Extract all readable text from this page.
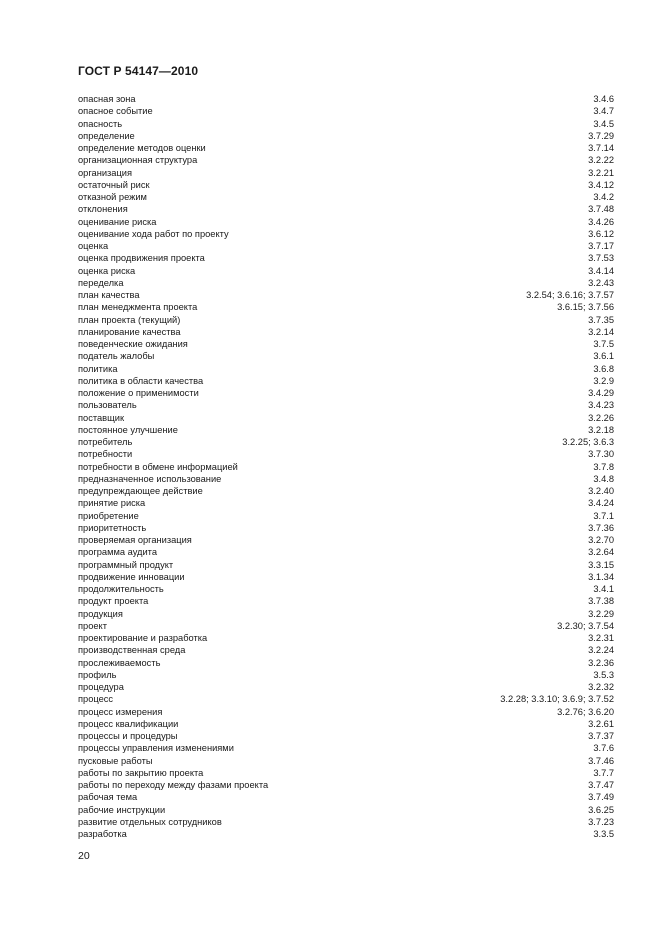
ГОСТ Р 54147—2010
опасная зона	3.4.6
опасное событие	3.4.7
опасность	3.4.5
определение	3.7.29
определение методов оценки	3.7.14
организационная структура	3.2.22
организация	3.2.21
остаточный риск	3.4.12
отказной режим	3.4.2
отклонения	3.7.48
оценивание риска	3.4.26
оценивание хода работ по проекту	3.6.12
оценка	3.7.17
оценка продвижения проекта	3.7.53
оценка риска	3.4.14
переделка	3.2.43
план качества	3.2.54; 3.6.16; 3.7.57
план менеджмента проекта	3.6.15; 3.7.56
план проекта (текущий)	3.7.35
планирование качества	3.2.14
поведенческие ожидания	3.7.5
податель жалобы	3.6.1
политика	3.6.8
политика в области качества	3.2.9
положение о применимости	3.4.29
пользователь	3.4.23
поставщик	3.2.26
постоянное улучшение	3.2.18
потребитель	3.2.25; 3.6.3
потребности	3.7.30
потребности в обмене информацией	3.7.8
предназначенное использование	3.4.8
предупреждающее действие	3.2.40
принятие риска	3.4.24
приобретение	3.7.1
приоритетность	3.7.36
проверяемая организация	3.2.70
программа аудита	3.2.64
программный продукт	3.3.15
продвижение инновации	3.1.34
продолжительность	3.4.1
продукт проекта	3.7.38
продукция	3.2.29
проект	3.2.30; 3.7.54
проектирование и разработка	3.2.31
производственная среда	3.2.24
прослеживаемость	3.2.36
профиль	3.5.3
процедура	3.2.32
процесс	3.2.28; 3.3.10; 3.6.9; 3.7.52
процесс измерения	3.2.76; 3.6.20
процесс квалификации	3.2.61
процессы и процедуры	3.7.37
процессы управления изменениями	3.7.6
пусковые работы	3.7.46
работы по закрытию проекта	3.7.7
работы по переходу между фазами проекта	3.7.47
рабочая тема	3.7.49
рабочие инструкции	3.6.25
развитие отдельных сотрудников	3.7.23
разработка	3.3.5
20
